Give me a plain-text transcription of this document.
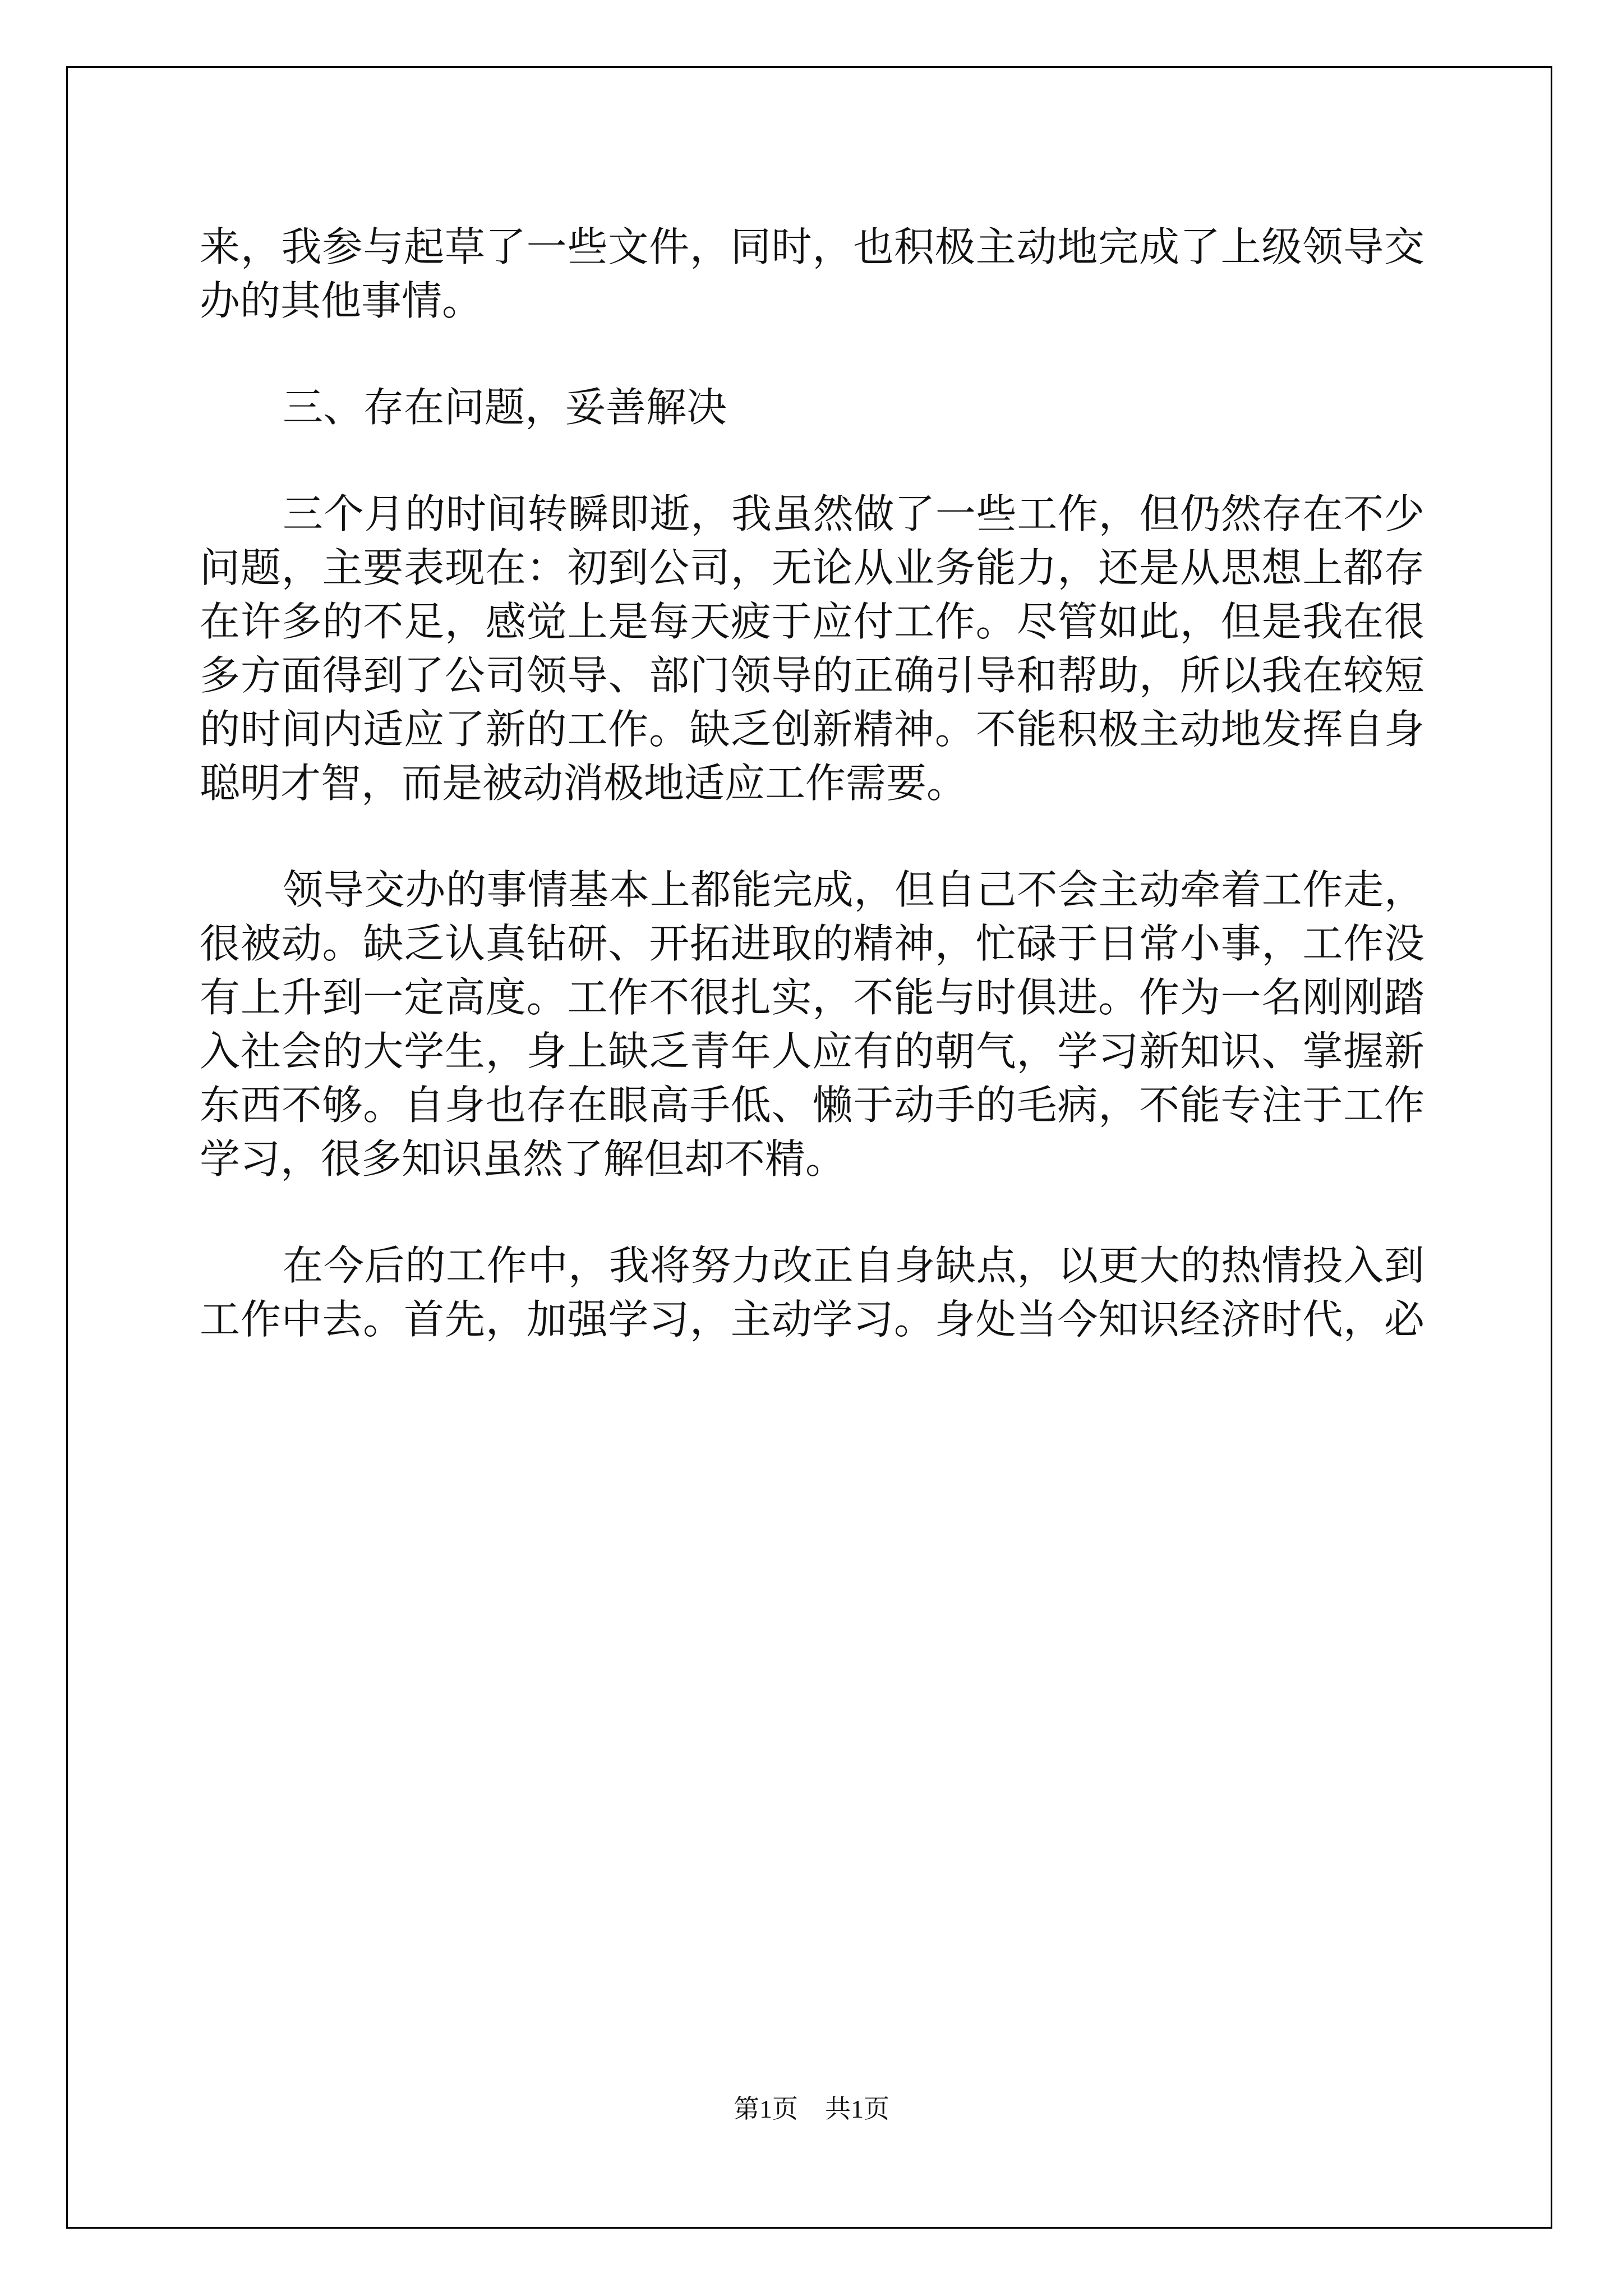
来，我参与起草了一些文件，同时，也积极主动地完成了上级领导交
办的其他事情。
三、存在问题，妥善解决
三个月的时间转瞬即逝，我虽然做了一些工作，但仍然存在不少
问题，主要表现在：初到公司，无论从业务能力，还是从思想上都存
在许多的不足，感觉上是每天疲于应付工作。尽管如此，但是我在很
多方面得到了公司领导、部门领导的正确引导和帮助，所以我在较短
的时间内适应了新的工作。缺乏创新精神。不能积极主动地发挥自身
聪明才智，而是被动消极地适应工作需要。
领导交办的事情基本上都能完成，但自己不会主动牵着工作走，
很被动。缺乏认真钻研、开拓进取的精神，忙碌于日常小事，工作没
有上升到一定高度。工作不很扎实，不能与时俱进。作为一名刚刚踏
入社会的大学生，身上缺乏青年人应有的朝气，学习新知识、掌握新
东西不够。自身也存在眼高手低、懒于动手的毛病，不能专注于工作
学习，很多知识虽然了解但却不精。
在今后的工作中，我将努力改正自身缺点，以更大的热情投入到
工作中去。首先，加强学习，主动学习。身处当今知识经济时代，必
第1页 共1页
